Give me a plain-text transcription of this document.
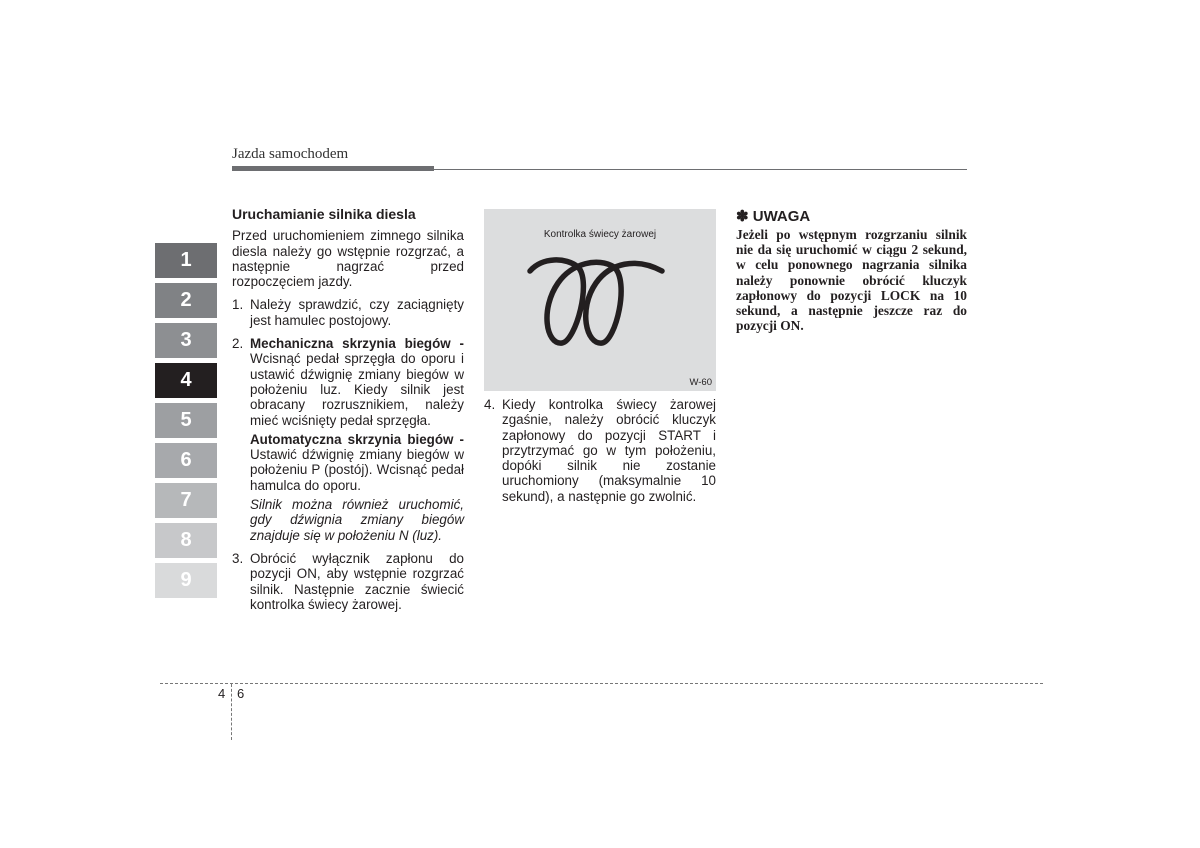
Jazda samochodem
1
2
3
4
5
6
7
8
9
Uruchamianie silnika diesla
Przed uruchomieniem zimnego silnika diesla należy go wstępnie rozgrzać, a następnie nagrzać przed rozpoczęciem jazdy.
1. Należy sprawdzić, czy zaciągnięty jest hamulec postojowy.
2. Mechaniczna skrzynia biegów - Wcisnąć pedał sprzęgła do oporu i ustawić dźwignię zmiany biegów w położeniu luz. Kiedy silnik jest obracany rozrusznikiem, należy mieć wciśnięty pedał sprzęgła.
Automatyczna skrzynia biegów - Ustawić dźwignię zmiany biegów w położeniu P (postój). Wcisnąć pedał hamulca do oporu.
Silnik można również uruchomić, gdy dźwignia zmiany biegów znajduje się w położeniu N (luz).
3. Obrócić wyłącznik zapłonu do pozycji ON, aby wstępnie rozgrzać silnik. Następnie zacznie świecić kontrolka świecy żarowej.
Kontrolka świecy żarowej
W-60
4. Kiedy kontrolka świecy żarowej zgaśnie, należy obrócić kluczyk zapłonowy do pozycji START i przytrzymać go w tym położeniu, dopóki silnik nie zostanie uruchomiony (maksymalnie 10 sekund), a następnie go zwolnić.
✽ UWAGA
Jeżeli po wstępnym rozgrzaniu silnik nie da się uruchomić w ciągu 2 sekund, w celu ponownego nagrzania silnika należy ponownie obrócić kluczyk zapłonowy do pozycji LOCK na 10 sekund, a następnie jeszcze raz do pozycji ON.
4 6
